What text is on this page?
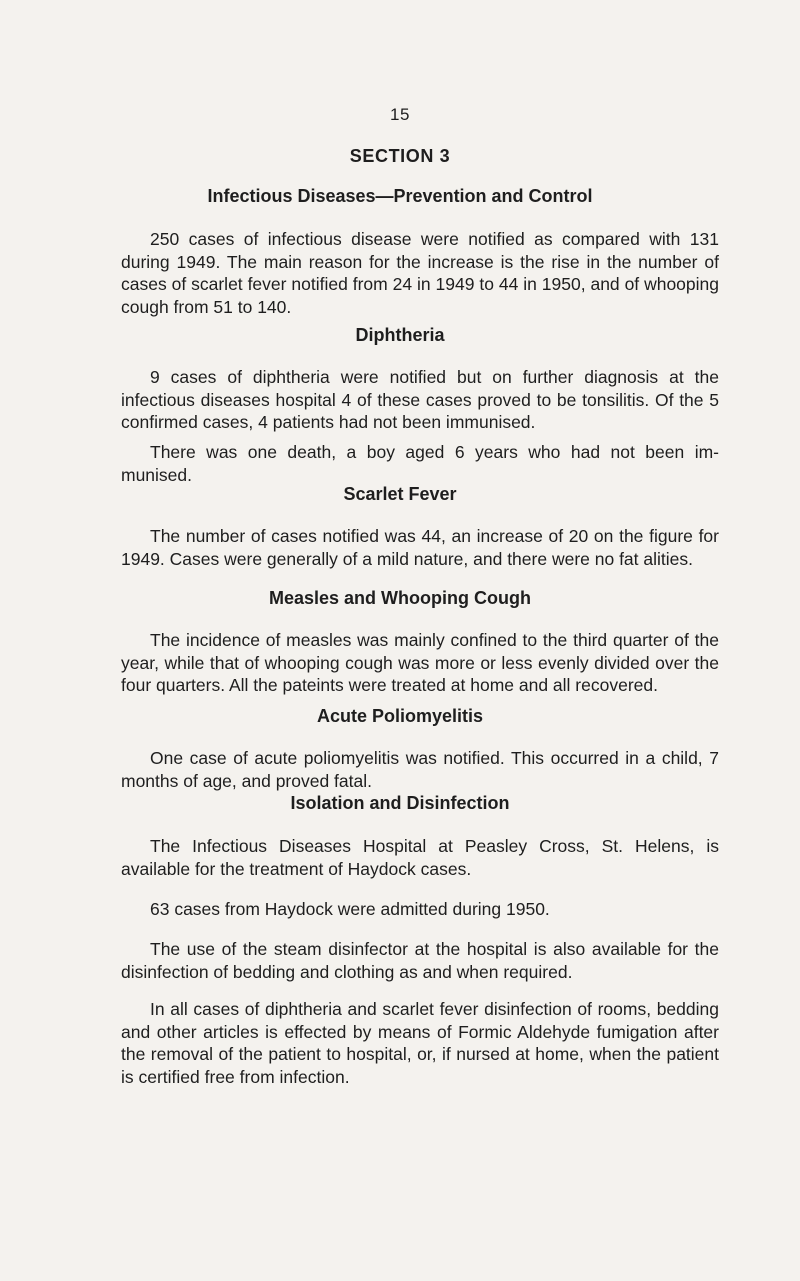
15
SECTION 3
Infectious Diseases—Prevention and Control

250 cases of infectious disease were notified as compared with 131 during 1949. The main reason for the increase is the rise in the number of cases of scarlet fever notified from 24 in 1949 to 44 in 1950, and of whooping cough from 51 to 140.

Diphtheria

9 cases of diphtheria were notified but on further diagnosis at the infectious diseases hospital 4 of these cases proved to be tonsilitis. Of the 5 confirmed cases, 4 patients had not been immunised.

There was one death, a boy aged 6 years who had not been im- munised.

Scarlet Fever

The number of cases notified was 44, an increase of 20 on the figure for 1949. Cases were generally of a mild nature, and there were no fat alities.

Measles and Whooping Cough

The incidence of measles was mainly confined to the third quarter of the year, while that of whooping cough was more or less evenly divided over the four quarters. All the pateints were treated at home and all recovered.

Acute Poliomyelitis

One case of acute poliomyelitis was notified. This occurred in a child, 7 months of age, and proved fatal.

Isolation and Disinfection

The Infectious Diseases Hospital at Peasley Cross, St. Helens, is available for the treatment of Haydock cases.

63 cases from Haydock were admitted during 1950.

The use of the steam disinfector at the hospital is also available for the disinfection of bedding and clothing as and when required.

In all cases of diphtheria and scarlet fever disinfection of rooms, bedding and other articles is effected by means of Formic Aldehyde fumigation after the removal of the patient to hospital, or, if nursed at home, when the patient is certified free from infection.
